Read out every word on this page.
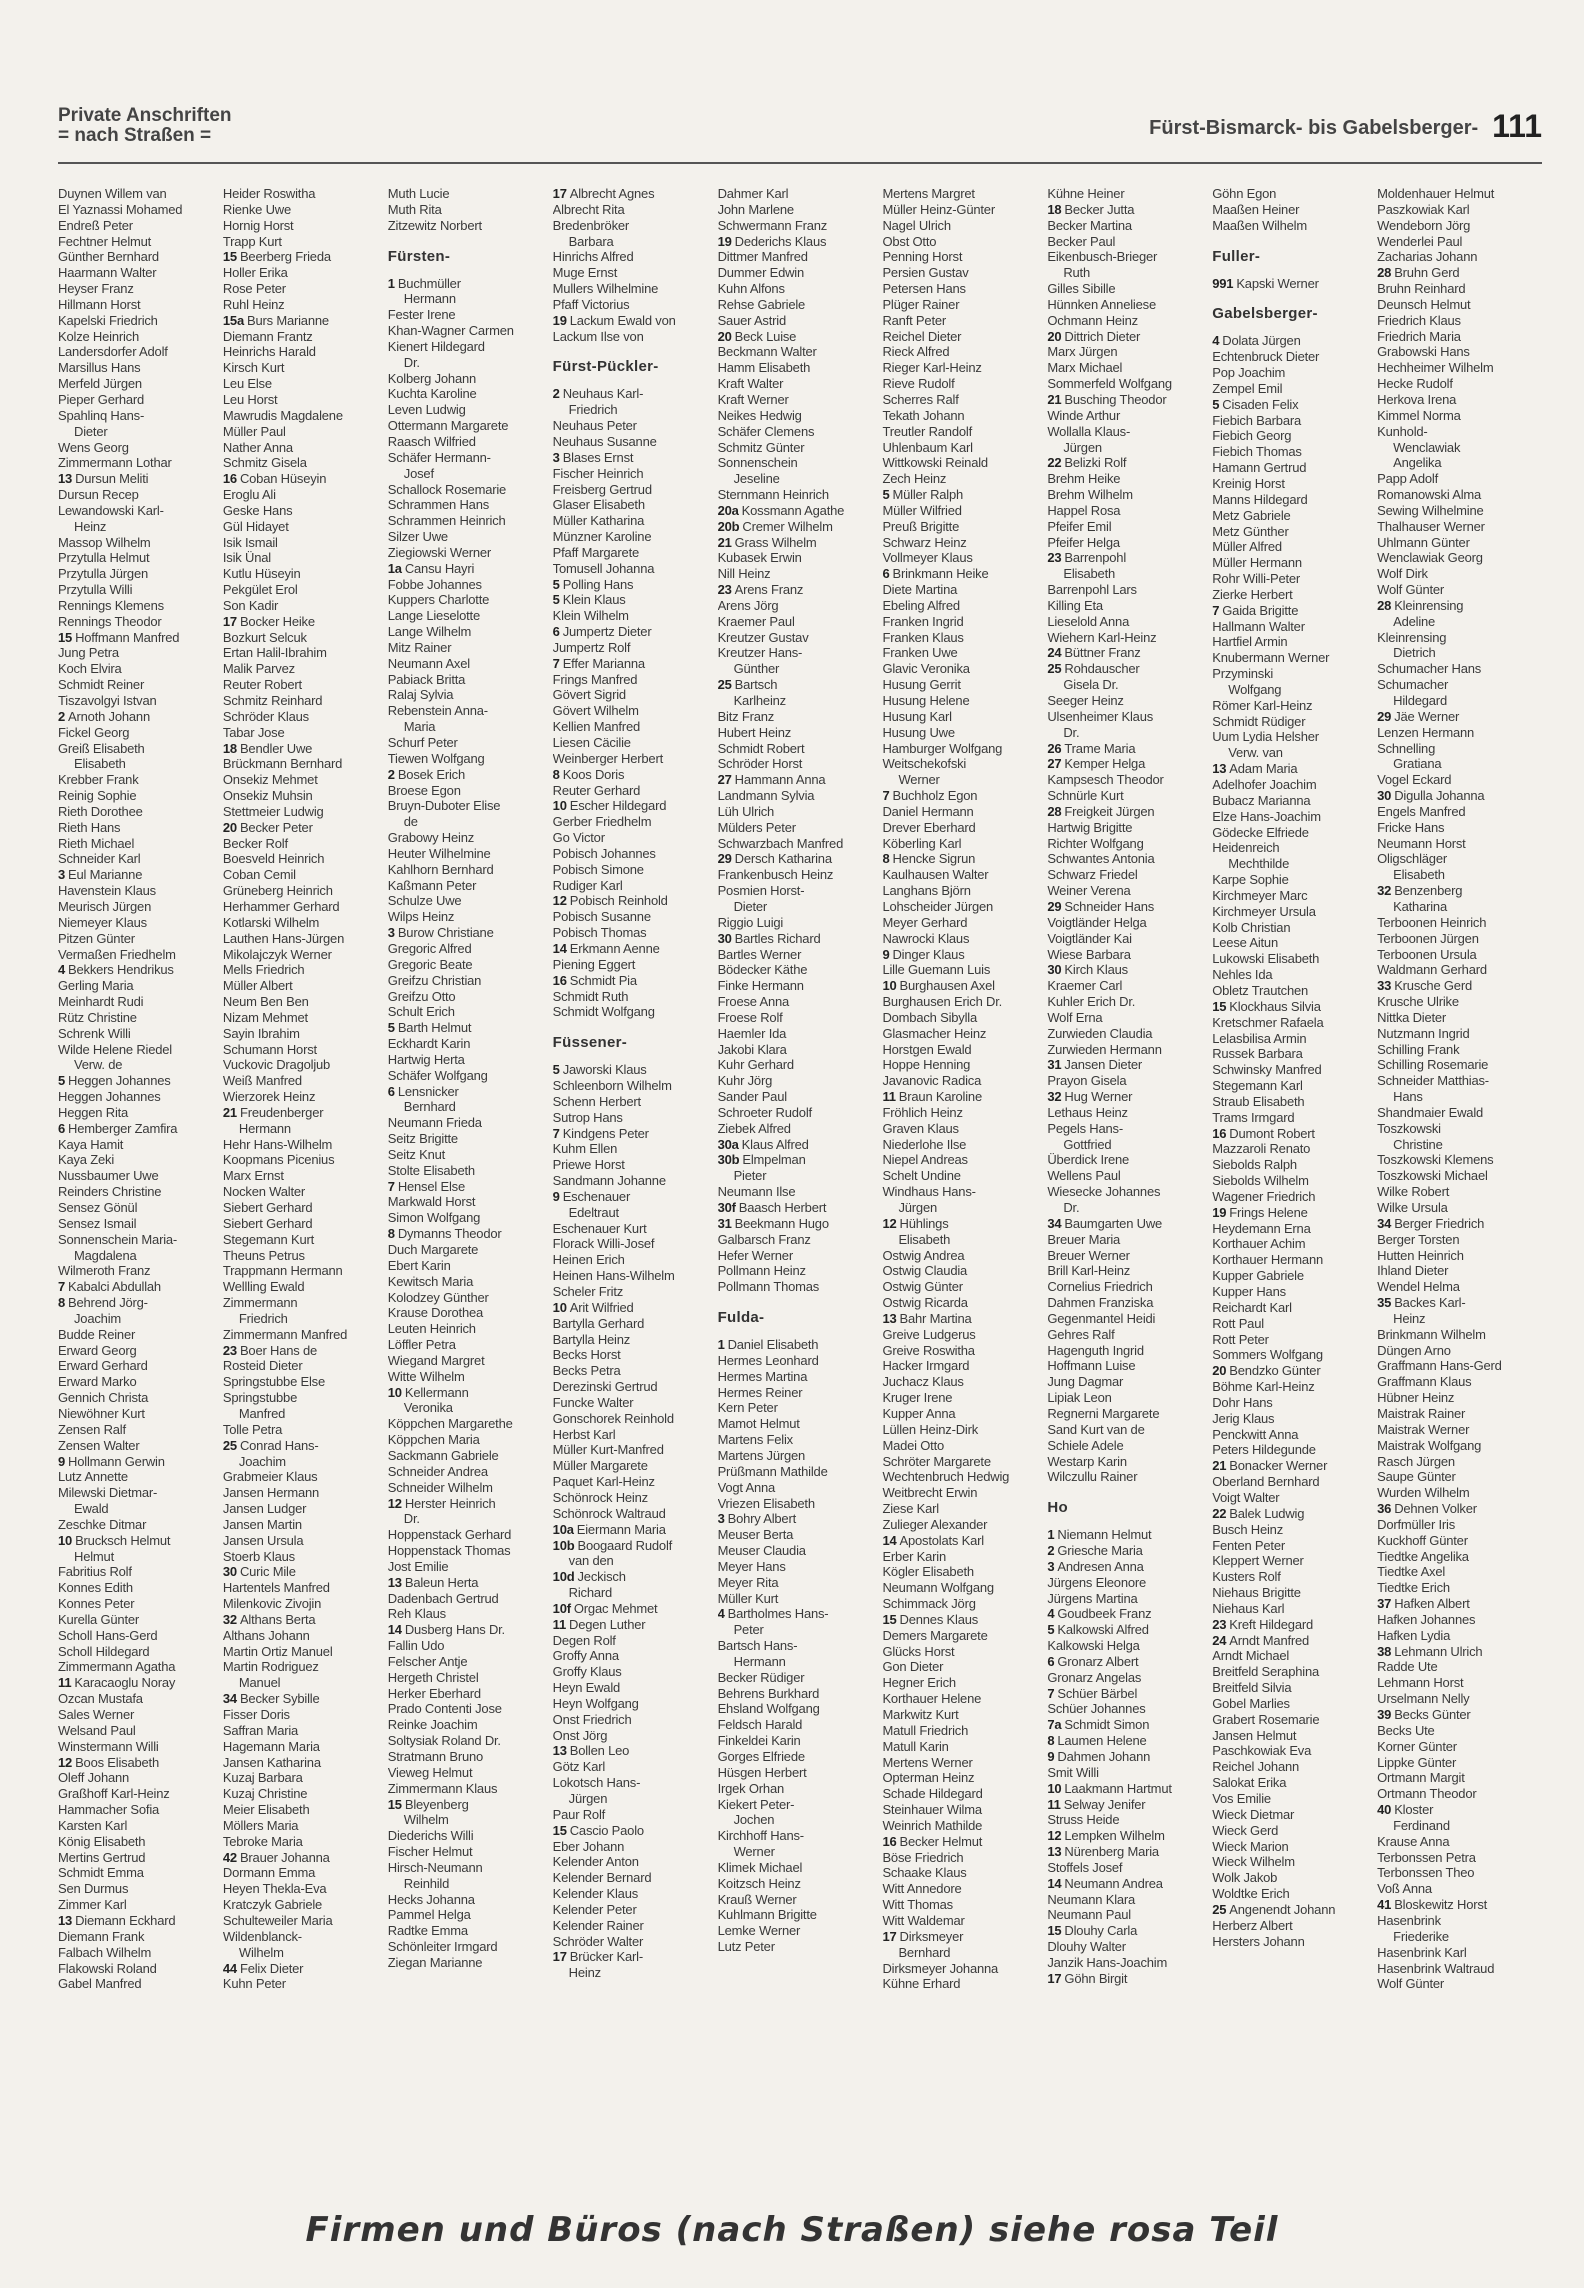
Private Anschriften
= nach Straßen =	Fürst-Bismarck- bis Gabelsberger- 111
Duynen Willem van
El Yaznassi Mohamed
Endreß Peter
Fechtner Helmut
Günther Bernhard
Haarmann Walter
Heyser Franz
Hillmann Horst
Kapelski Friedrich
Kolze Heinrich
Landersdorfer Adolf
Marsillus Hans
Merfeld Jürgen
Pieper Gerhard
Spahlinq Hans-
Dieter
Wens Georg
Zimmermann Lothar
13 Dursun Meliti
Dursun Recep
Lewandowski Karl-
Heinz
Massop Wilhelm
Przytulla Helmut
Przytulla Jürgen
Przytulla Willi
Rennings Klemens
Rennings Theodor
15 Hoffmann Manfred
Jung Petra
Koch Elvira
Schmidt Reiner
Tiszavolgyi Istvan
2 Arnoth Johann
Fickel Georg
Greiß Elisabeth
Elisabeth
Krebber Frank
Reinig Sophie
Rieth Dorothee
Rieth Hans
Rieth Michael
Schneider Karl
3 Eul Marianne
Havenstein Klaus
Meurisch Jürgen
Niemeyer Klaus
Pitzen Günter
Vermaßen Friedhelm
4 Bekkers Hendrikus
Gerling Maria
Meinhardt Rudi
Rütz Christine
Schrenk Willi
Wilde Helene Riedel
Verw. de
5 Heggen Johannes
Heggen Johannes
Heggen Rita
6 Hemberger Zamfira
Kaya Hamit
Kaya Zeki
Nussbaumer Uwe
Reinders Christine
Sensez Gönül
Sensez Ismail
Sonnenschein Maria-
Magdalena
Wilmeroth Franz
7 Kabalci Abdullah
8 Behrend Jörg-
Joachim
Budde Reiner
Erward Georg
Erward Gerhard
Erward Marko
Gennich Christa
Niewöhner Kurt
Zensen Ralf
Zensen Walter
9 Hollmann Gerwin
Lutz Annette
Milewski Dietmar-
Ewald
Zeschke Ditmar
10 Brucksch Helmut
Helmut
Fabritius Rolf
Konnes Edith
Konnes Peter
Kurella Günter
Scholl Hans-Gerd
Scholl Hildegard
Zimmermann Agatha
11 Karacaoglu Noray
Ozcan Mustafa
Sales Werner
Welsand Paul
Winstermann Willi
12 Boos Elisabeth
Oleff Johann
Graßhoff Karl-Heinz
Hammacher Sofia
Karsten Karl
König Elisabeth
Mertins Gertrud
Schmidt Emma
Sen Durmus
Zimmer Karl
13 Diemann Eckhard
Diemann Frank
Falbach Wilhelm
Flakowski Roland
Gabel Manfred
Heider Roswitha
Rienke Uwe
Hornig Horst
Trapp Kurt
15 Beerberg Frieda
Holler Erika
Rose Peter
Ruhl Heinz
15a Burs Marianne
Diemann Frantz
Heinrichs Harald
Kirsch Kurt
Leu Else
Leu Horst
Mawrudis Magdalene
Müller Paul
Nather Anna
Schmitz Gisela
16 Coban Hüseyin
Eroglu Ali
Geske Hans
Gül Hidayet
Isik Ismail
Isik Ünal
Kutlu Hüseyin
Pekgület Erol
Son Kadir
17 Bocker Heike
Bozkurt Selcuk
Ertan Halil-Ibrahim
Malik Parvez
Reuter Robert
Schmitz Reinhard
Schröder Klaus
Tabar Jose
18 Bendler Uwe
Brückmann Bernhard
Onsekiz Mehmet
Onsekiz Muhsin
Stettmeier Ludwig
20 Becker Peter
Becker Rolf
Boesveld Heinrich
Coban Cemil
Grüneberg Heinrich
Herhammer Gerhard
Kotlarski Wilhelm
Lauthen Hans-Jürgen
Mikolajczyk Werner
Mells Friedrich
Müller Albert
Neum Ben Ben
Nizam Mehmet
Sayin Ibrahim
Schumann Horst
Vuckovic Dragoljub
Weiß Manfred
Wierzorek Heinz
21 Freudenberger
Hermann
Hehr Hans-Wilhelm
Koopmans Picenius
Marx Ernst
Nocken Walter
Siebert Gerhard
Siebert Gerhard
Stegemann Kurt
Theuns Petrus
Trappmann Hermann
Wellling Ewald
Zimmermann
Friedrich
Zimmermann Manfred
23 Boer Hans de
Rosteid Dieter
Springstubbe Else
Springstubbe
Manfred
Tolle Petra
25 Conrad Hans-
Joachim
Grabmeier Klaus
Jansen Hermann
Jansen Ludger
Jansen Martin
Jansen Ursula
Stoerb Klaus
30 Curic Mile
Hartentels Manfred
Milenkovic Zivojin
32 Althans Berta
Althans Johann
Martin Ortiz Manuel
Martin Rodriguez
Manuel
34 Becker Sybille
Fisser Doris
Saffran Maria
Hagemann Maria
Jansen Katharina
Kuzaj Barbara
Kuzaj Christine
Meier Elisabeth
Möllers Maria
Tebroke Maria
42 Brauer Johanna
Dormann Emma
Heyen Thekla-Eva
Kratczyk Gabriele
Schulteweiler Maria
Wildenblanck-
Wilhelm
44 Felix Dieter
Kuhn Peter
Muth Lucie
Muth Rita
Zitzewitz Norbert
Fürsten-
1 Buchmüller
Hermann
Fester Irene
Khan-Wagner Carmen
Kienert Hildegard
Dr.
Kolberg Johann
Kuchta Karoline
Leven Ludwig
Ottermann Margarete
Raasch Wilfried
Schäfer Hermann-
Josef
Schallock Rosemarie
Schrammen Hans
Schrammen Heinrich
Silzer Uwe
Ziegiowski Werner
1a Cansu Hayri
Fobbe Johannes
Kuppers Charlotte
Lange Lieselotte
Lange Wilhelm
Mitz Rainer
Neumann Axel
Pabiack Britta
Ralaj Sylvia
Rebenstein Anna-
Maria
Schurf Peter
Tiewen Wolfgang
2 Bosek Erich
Broese Egon
Bruyn-Duboter Elise
de
Grabowy Heinz
Heuter Wilhelmine
Kahlhorn Bernhard
Kaßmann Peter
Schulze Uwe
Wilps Heinz
3 Burow Christiane
Gregoric Alfred
Gregoric Beate
Greifzu Christian
Greifzu Otto
Schult Erich
5 Barth Helmut
Eckhardt Karin
Hartwig Herta
Schäfer Wolfgang
6 Lensnicker
Bernhard
Neumann Frieda
Seitz Brigitte
Seitz Knut
Stolte Elisabeth
7 Hensel Else
Markwald Horst
Simon Wolfgang
8 Dymanns Theodor
Duch Margarete
Ebert Karin
Kewitsch Maria
Kolodzey Günther
Krause Dorothea
Leuten Heinrich
Löffler Petra
Wiegand Margret
Witte Wilhelm
10 Kellermann
Veronika
Köppchen Margarethe
Köppchen Maria
Sackmann Gabriele
Schneider Andrea
Schneider Wilhelm
12 Herster Heinrich
Dr.
Hoppenstack Gerhard
Hoppenstack Thomas
Jost Emilie
13 Baleun Herta
Dadenbach Gertrud
Reh Klaus
14 Dusberg Hans Dr.
Fallin Udo
Felscher Antje
Hergeth Christel
Herker Eberhard
Prado Contenti Jose
Reinke Joachim
Soltysiak Roland Dr.
Stratmann Bruno
Vieweg Helmut
Zimmermann Klaus
15 Bleyenberg
Wilhelm
Diederichs Willi
Fischer Helmut
Hirsch-Neumann
Reinhild
Hecks Johanna
Pammel Helga
Radtke Emma
Schönleiter Irmgard
Ziegan Marianne
17 Albrecht Agnes
Albrecht Rita
Bredenbröker
Barbara
Hinrichs Alfred
Muge Ernst
Mullers Wilhelmine
Pfaff Victorius
19 Lackum Ewald von
Lackum Ilse von
Fürst-Pückler-
2 Neuhaus Karl-
Friedrich
Neuhaus Peter
Neuhaus Susanne
3 Blases Ernst
Fischer Heinrich
Freisberg Gertrud
Glaser Elisabeth
Müller Katharina
Münzner Karoline
Pfaff Margarete
Tomusell Johanna
5 Polling Hans
5 Klein Klaus
Klein Wilhelm
6 Jumpertz Dieter
Jumpertz Rolf
7 Effer Marianna
Frings Manfred
Gövert Sigrid
Gövert Wilhelm
Kellien Manfred
Liesen Cäcilie
Weinberger Herbert
8 Koos Doris
Reuter Gerhard
10 Escher Hildegard
Gerber Friedhelm
Go Victor
Pobisch Johannes
Pobisch Simone
Rudiger Karl
12 Pobisch Reinhold
Pobisch Susanne
Pobisch Thomas
14 Erkmann Aenne
Piening Eggert
16 Schmidt Pia
Schmidt Ruth
Schmidt Wolfgang
Füssener-
5 Jaworski Klaus
Schleenborn Wilhelm
Schenn Herbert
Sutrop Hans
7 Kindgens Peter
Kuhm Ellen
Priewe Horst
Sandmann Johanne
9 Eschenauer
Edeltraut
Eschenauer Kurt
Florack Willi-Josef
Heinen Erich
Heinen Hans-Wilhelm
Scheler Fritz
10 Arit Wilfried
Bartylla Gerhard
Bartylla Heinz
Becks Horst
Becks Petra
Derezinski Gertrud
Funcke Walter
Gonschorek Reinhold
Herbst Karl
Müller Kurt-Manfred
Müller Margarete
Paquet Karl-Heinz
Schönrock Heinz
Schönrock Waltraud
10a Eiermann Maria
10b Boogaard Rudolf
van den
10d Jeckisch
Richard
10f Orgac Mehmet
11 Degen Luther
Degen Rolf
Groffy Anna
Groffy Klaus
Heyn Ewald
Heyn Wolfgang
Onst Friedrich
Onst Jörg
13 Bollen Leo
Götz Karl
Lokotsch Hans-
Jürgen
Paur Rolf
15 Cascio Paolo
Eber Johann
Kelender Anton
Kelender Bernard
Kelender Klaus
Kelender Peter
Kelender Rainer
Schröder Walter
17 Brücker Karl-
Heinz
Dahmer Karl
John Marlene
Schwermann Franz
19 Dederichs Klaus
Dittmer Manfred
Dummer Edwin
Kuhn Alfons
Rehse Gabriele
Sauer Astrid
20 Beck Luise
Beckmann Walter
Hamm Elisabeth
Kraft Walter
Kraft Werner
Neikes Hedwig
Schäfer Clemens
Schmitz Günter
Sonnenschein
Jeseline
Sternmann Heinrich
20a Kossmann Agathe
20b Cremer Wilhelm
21 Grass Wilhelm
Kubasek Erwin
Nill Heinz
23 Arens Franz
Arens Jörg
Kraemer Paul
Kreutzer Gustav
Kreutzer Hans-
Günther
25 Bartsch
Karlheinz
Bitz Franz
Hubert Heinz
Schmidt Robert
Schröder Horst
27 Hammann Anna
Landmann Sylvia
Lüh Ulrich
Mülders Peter
Schwarzbach Manfred
29 Dersch Katharina
Frankenbusch Heinz
Posmien Horst-
Dieter
Riggio Luigi
30 Bartles Richard
Bartles Werner
Bödecker Käthe
Finke Hermann
Froese Anna
Froese Rolf
Haemler Ida
Jakobi Klara
Kuhr Gerhard
Kuhr Jörg
Sander Paul
Schroeter Rudolf
Ziebek Alfred
30a Klaus Alfred
30b Elmpelman
Pieter
Neumann Ilse
30f Baasch Herbert
31 Beekmann Hugo
Galbarsch Franz
Hefer Werner
Pollmann Heinz
Pollmann Thomas
Fulda-
1 Daniel Elisabeth
Hermes Leonhard
Hermes Martina
Hermes Reiner
Kern Peter
Mamot Helmut
Martens Felix
Martens Jürgen
Prüßmann Mathilde
Vogt Anna
Vriezen Elisabeth
3 Bohry Albert
Meuser Berta
Meuser Claudia
Meyer Hans
Meyer Rita
Müller Kurt
4 Bartholmes Hans-
Peter
Bartsch Hans-
Hermann
Becker Rüdiger
Behrens Burkhard
Ehsland Wolfgang
Feldsch Harald
Finkeldei Karin
Gorges Elfriede
Hüsgen Herbert
Irgek Orhan
Kiekert Peter-
Jochen
Kirchhoff Hans-
Werner
Klimek Michael
Koitzsch Heinz
Krauß Werner
Kuhlmann Brigitte
Lemke Werner
Lutz Peter
Mertens Margret
Müller Heinz-Günter
Nagel Ulrich
Obst Otto
Penning Horst
Persien Gustav
Petersen Hans
Plüger Rainer
Ranft Peter
Reichel Dieter
Rieck Alfred
Rieger Karl-Heinz
Rieve Rudolf
Scherres Ralf
Tekath Johann
Treutler Randolf
Uhlenbaum Karl
Wittkowski Reinald
Zech Heinz
5 Müller Ralph
Müller Wilfried
Preuß Brigitte
Schwarz Heinz
Vollmeyer Klaus
6 Brinkmann Heike
Diete Martina
Ebeling Alfred
Franken Ingrid
Franken Klaus
Franken Uwe
Glavic Veronika
Husung Gerrit
Husung Helene
Husung Karl
Husung Uwe
Hamburger Wolfgang
Weitschekofski
Werner
7 Buchholz Egon
Daniel Hermann
Drever Eberhard
Köberling Karl
8 Hencke Sigrun
Kaulhausen Walter
Langhans Björn
Lohscheider Jürgen
Meyer Gerhard
Nawrocki Klaus
9 Dinger Klaus
Lille Guemann Luis
10 Burghausen Axel
Burghausen Erich Dr.
Dombach Sibylla
Glasmacher Heinz
Horstgen Ewald
Hoppe Henning
Javanovic Radica
11 Braun Karoline
Fröhlich Heinz
Graven Klaus
Niederlohe Ilse
Niepel Andreas
Schelt Undine
Windhaus Hans-
Jürgen
12 Hühlings
Elisabeth
Ostwig Andrea
Ostwig Claudia
Ostwig Günter
Ostwig Ricarda
13 Bahr Martina
Greive Ludgerus
Greive Roswitha
Hacker Irmgard
Juchacz Klaus
Kruger Irene
Kupper Anna
Lüllen Heinz-Dirk
Madei Otto
Schröter Margarete
Wechtenbruch Hedwig
Weitbrecht Erwin
Ziese Karl
Zulieger Alexander
14 Apostolats Karl
Erber Karin
Kögler Elisabeth
Neumann Wolfgang
Schimmack Jörg
15 Dennes Klaus
Demers Margarete
Glücks Horst
Gon Dieter
Hegner Erich
Korthauer Helene
Markwitz Kurt
Matull Friedrich
Matull Karin
Mertens Werner
Opterman Heinz
Schade Hildegard
Steinhauer Wilma
Weinrich Mathilde
16 Becker Helmut
Böse Friedrich
Schaake Klaus
Witt Annedore
Witt Thomas
Witt Waldemar
17 Dirksmeyer
Bernhard
Dirksmeyer Johanna
Kühne Erhard
Kühne Heiner
18 Becker Jutta
Becker Martina
Becker Paul
Eikenbusch-Brieger
Ruth
Gilles Sibille
Hünnken Anneliese
Ochmann Heinz
20 Dittrich Dieter
Marx Jürgen
Marx Michael
Sommerfeld Wolfgang
21 Busching Theodor
Winde Arthur
Wollalla Klaus-
Jürgen
22 Belizki Rolf
Brehm Heike
Brehm Wilhelm
Happel Rosa
Pfeifer Emil
Pfeifer Helga
23 Barrenpohl
Elisabeth
Barrenpohl Lars
Killing Eta
Lieselold Anna
Wiehern Karl-Heinz
24 Büttner Franz
25 Rohdauscher
Gisela Dr.
Seeger Heinz
Ulsenheimer Klaus
Dr.
26 Trame Maria
27 Kemper Helga
Kampsesch Theodor
Schnürle Kurt
28 Freigkeit Jürgen
Hartwig Brigitte
Richter Wolfgang
Schwantes Antonia
Schwarz Friedel
Weiner Verena
29 Schneider Hans
Voigtländer Helga
Voigtländer Kai
Wiese Barbara
30 Kirch Klaus
Kraemer Carl
Kuhler Erich Dr.
Wolf Erna
Zurwieden Claudia
Zurwieden Hermann
31 Jansen Dieter
Prayon Gisela
32 Hug Werner
Lethaus Heinz
Pegels Hans-
Gottfried
Überdick Irene
Wellens Paul
Wiesecke Johannes
Dr.
34 Baumgarten Uwe
Breuer Maria
Breuer Werner
Brill Karl-Heinz
Cornelius Friedrich
Dahmen Franziska
Gegenmantel Heidi
Gehres Ralf
Hagenguth Ingrid
Hoffmann Luise
Jung Dagmar
Lipiak Leon
Regnerni Margarete
Sand Kurt van de
Schiele Adele
Westarp Karin
Wilczullu Rainer
Ho
1 Niemann Helmut
2 Griesche Maria
3 Andresen Anna
Jürgens Eleonore
Jürgens Martina
4 Goudbeek Franz
5 Kalkowski Alfred
Kalkowski Helga
6 Gronarz Albert
Gronarz Angelas
7 Schüer Bärbel
Schüer Johannes
7a Schmidt Simon
8 Laumen Helene
9 Dahmen Johann
Smit Willi
10 Laakmann Hartmut
11 Selway Jenifer
Struss Heide
12 Lempken Wilhelm
13 Nürenberg Maria
Stoffels Josef
14 Neumann Andrea
Neumann Klara
Neumann Paul
15 Dlouhy Carla
Dlouhy Walter
Janzik Hans-Joachim
17 Göhn Birgit
Göhn Egon
Maaßen Heiner
Maaßen Wilhelm
Fuller-
991 Kapski Werner
Gabelsberger-
4 Dolata Jürgen
Echtenbruck Dieter
Pop Joachim
Zempel Emil
5 Cisaden Felix
Fiebich Barbara
Fiebich Georg
Fiebich Thomas
Hamann Gertrud
Kreinig Horst
Manns Hildegard
Metz Gabriele
Metz Günther
Müller Alfred
Müller Hermann
Rohr Willi-Peter
Zierke Herbert
7 Gaida Brigitte
Hallmann Walter
Hartfiel Armin
Knubermann Werner
Przyminski
Wolfgang
Römer Karl-Heinz
Schmidt Rüdiger
Uum Lydia Helsher
Verw. van
13 Adam Maria
Adelhofer Joachim
Bubacz Marianna
Elze Hans-Joachim
Gödecke Elfriede
Heidenreich
Mechthilde
Karpe Sophie
Kirchmeyer Marc
Kirchmeyer Ursula
Kolb Christian
Leese Aitun
Lukowski Elisabeth
Nehles Ida
Obletz Trautchen
15 Klockhaus Silvia
Kretschmer Rafaela
Lelasbilisa Armin
Russek Barbara
Schwinsky Manfred
Stegemann Karl
Straub Elisabeth
Trams Irmgard
16 Dumont Robert
Mazzaroli Renato
Siebolds Ralph
Siebolds Wilhelm
Wagener Friedrich
19 Frings Helene
Heydemann Erna
Korthauer Achim
Korthauer Hermann
Kupper Gabriele
Kupper Hans
Reichardt Karl
Rott Paul
Rott Peter
Sommers Wolfgang
20 Bendzko Günter
Böhme Karl-Heinz
Dohr Hans
Jerig Klaus
Penckwitt Anna
Peters Hildegunde
21 Bonacker Werner
Oberland Bernhard
Voigt Walter
22 Balek Ludwig
Busch Heinz
Fenten Peter
Kleppert Werner
Kusters Rolf
Niehaus Brigitte
Niehaus Karl
23 Kreft Hildegard
24 Arndt Manfred
Arndt Michael
Breitfeld Seraphina
Breitfeld Silvia
Gobel Marlies
Grabert Rosemarie
Jansen Helmut
Paschkowiak Eva
Reichel Johann
Salokat Erika
Vos Emilie
Wieck Dietmar
Wieck Gerd
Wieck Marion
Wieck Wilhelm
Wolk Jakob
Woldtke Erich
25 Angenendt Johann
Herberz Albert
Hersters Johann
Moldenhauer Helmut
Paszkowiak Karl
Wendeborn Jörg
Wenderlei Paul
Zacharias Johann
28 Bruhn Gerd
Bruhn Reinhard
Deunsch Helmut
Friedrich Klaus
Friedrich Maria
Grabowski Hans
Hechheimer Wilhelm
Hecke Rudolf
Herkova Irena
Kimmel Norma
Kunhold-
Wenclawiak
Angelika
Papp Adolf
Romanowski Alma
Sewing Wilhelmine
Thalhauser Werner
Uhlmann Günter
Wenclawiak Georg
Wolf Dirk
Wolf Günter
28 Kleinrensing
Adeline
Kleinrensing
Dietrich
Schumacher Hans
Schumacher
Hildegard
29 Jäe Werner
Lenzen Hermann
Schnelling
Gratiana
Vogel Eckard
30 Digulla Johanna
Engels Manfred
Fricke Hans
Neumann Horst
Oligschläger
Elisabeth
32 Benzenberg
Katharina
Terboonen Heinrich
Terboonen Jürgen
Terboonen Ursula
Waldmann Gerhard
33 Krusche Gerd
Krusche Ulrike
Nittka Dieter
Nutzmann Ingrid
Schilling Frank
Schilling Rosemarie
Schneider Matthias-
Hans
Shandmaier Ewald
Toszkowski
Christine
Toszkowski Klemens
Toszkowski Michael
Wilke Robert
Wilke Ursula
34 Berger Friedrich
Berger Torsten
Hutten Heinrich
Ihland Dieter
Wendel Helma
35 Backes Karl-
Heinz
Brinkmann Wilhelm
Düngen Arno
Graffmann Hans-Gerd
Graffmann Klaus
Hübner Heinz
Maistrak Rainer
Maistrak Werner
Maistrak Wolfgang
Rasch Jürgen
Saupe Günter
Wurden Wilhelm
36 Dehnen Volker
Dorfmüller Iris
Kuckhoff Günter
Tiedtke Angelika
Tiedtke Axel
Tiedtke Erich
37 Hafken Albert
Hafken Johannes
Hafken Lydia
38 Lehmann Ulrich
Radde Ute
Lehmann Horst
Urselmann Nelly
39 Becks Günter
Becks Ute
Korner Günter
Lippke Günter
Ortmann Margit
Ortmann Theodor
40 Kloster
Ferdinand
Krause Anna
Terbonssen Petra
Terbonssen Theo
Voß Anna
41 Bloskewitz Horst
Hasenbrink
Friederike
Hasenbrink Karl
Hasenbrink Waltraud
Wolf Günter
Firmen und Büros (nach Straßen) siehe rosa Teil
